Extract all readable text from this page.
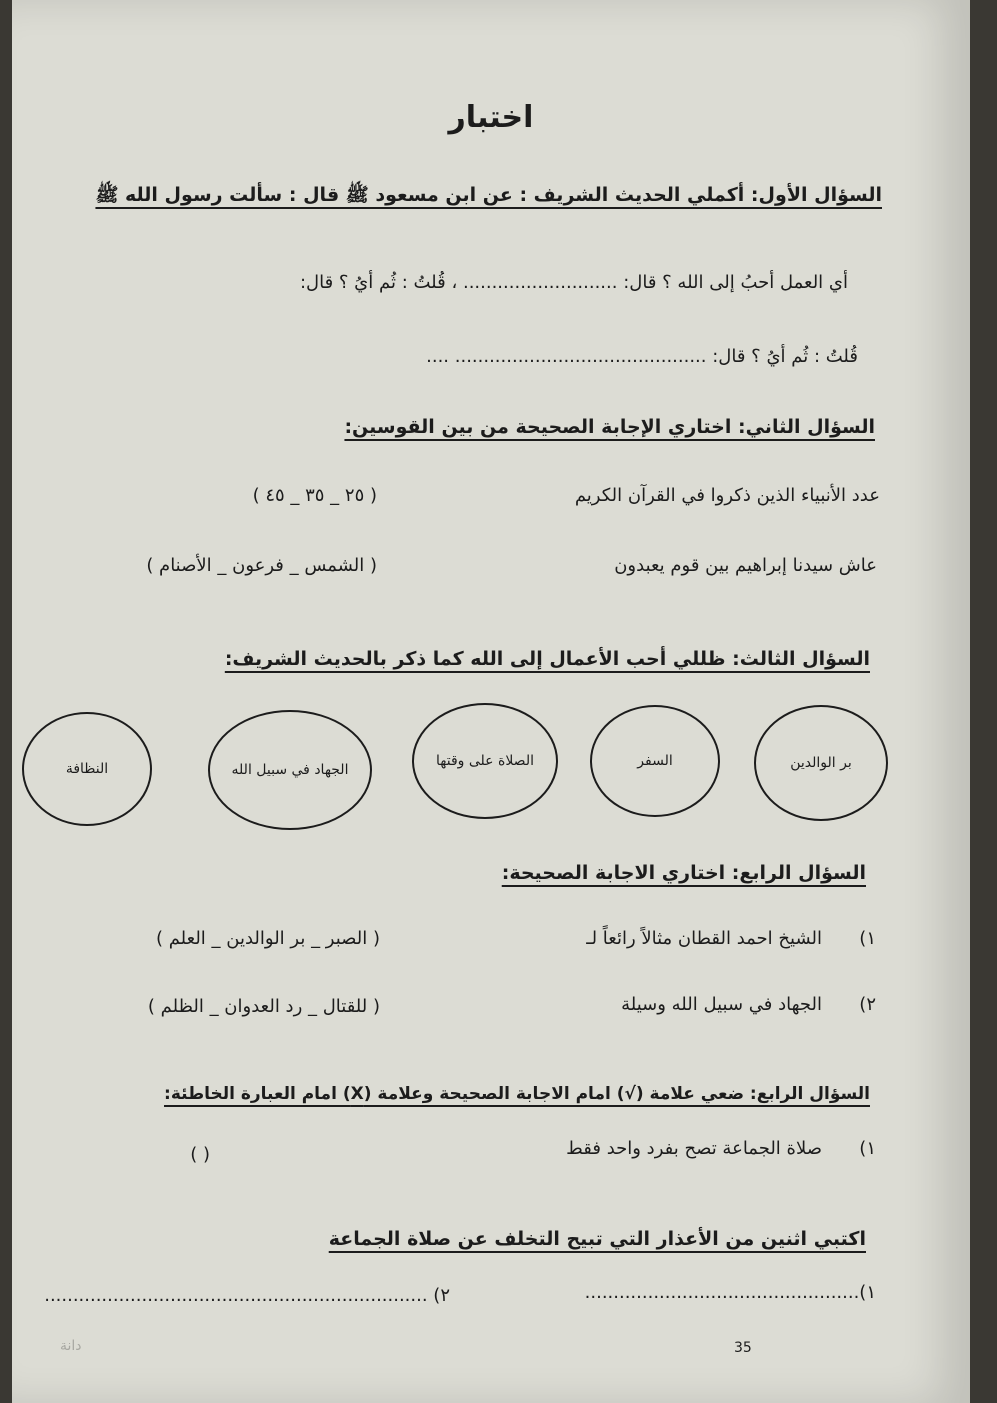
اختبار
السؤال الأول: أكملي الحديث الشريف : عن ابن مسعود ﷺ قال : سألت رسول الله ﷺ
أي العمل أحبُ إلى الله ؟ قال: ........................... ، قُلتُ : ثُم أيُ ؟ قال:
قُلتُ : ثُم أيُ ؟ قال: ............................................ ....
السؤال الثاني: اختاري الإجابة الصحيحة من بين القوسين:
عدد الأنبياء الذين ذكروا في القرآن الكريم
( ٢٥ _ ٣٥ _ ٤٥ )
عاش سيدنا إبراهيم بين قوم يعبدون
( الشمس _ فرعون _ الأصنام )
السؤال الثالث: ظللي أحب الأعمال إلى الله كما ذكر بالحديث الشريف:
بر الوالدين
السفر
الصلاة على وقتها
الجهاد في سبيل الله
النظافة
السؤال الرابع: اختاري الاجابة الصحيحة:
١)
الشيخ احمد القطان مثالاً رائعاً لـ
( الصبر _ بر الوالدين _ العلم )
٢)
الجهاد في سبيل الله وسيلة
( للقتال _ رد العدوان _ الظلم )
السؤال الرابع: ضعي علامة (√) امام الاجابة الصحيحة وعلامة (X) امام العبارة الخاطئة:
١)
صلاة الجماعة تصح بفرد واحد فقط
( )
اكتبي اثنين من الأعذار التي تبيح التخلف عن صلاة الجماعة
١)................................................
٢) ...................................................................
35
دانة
